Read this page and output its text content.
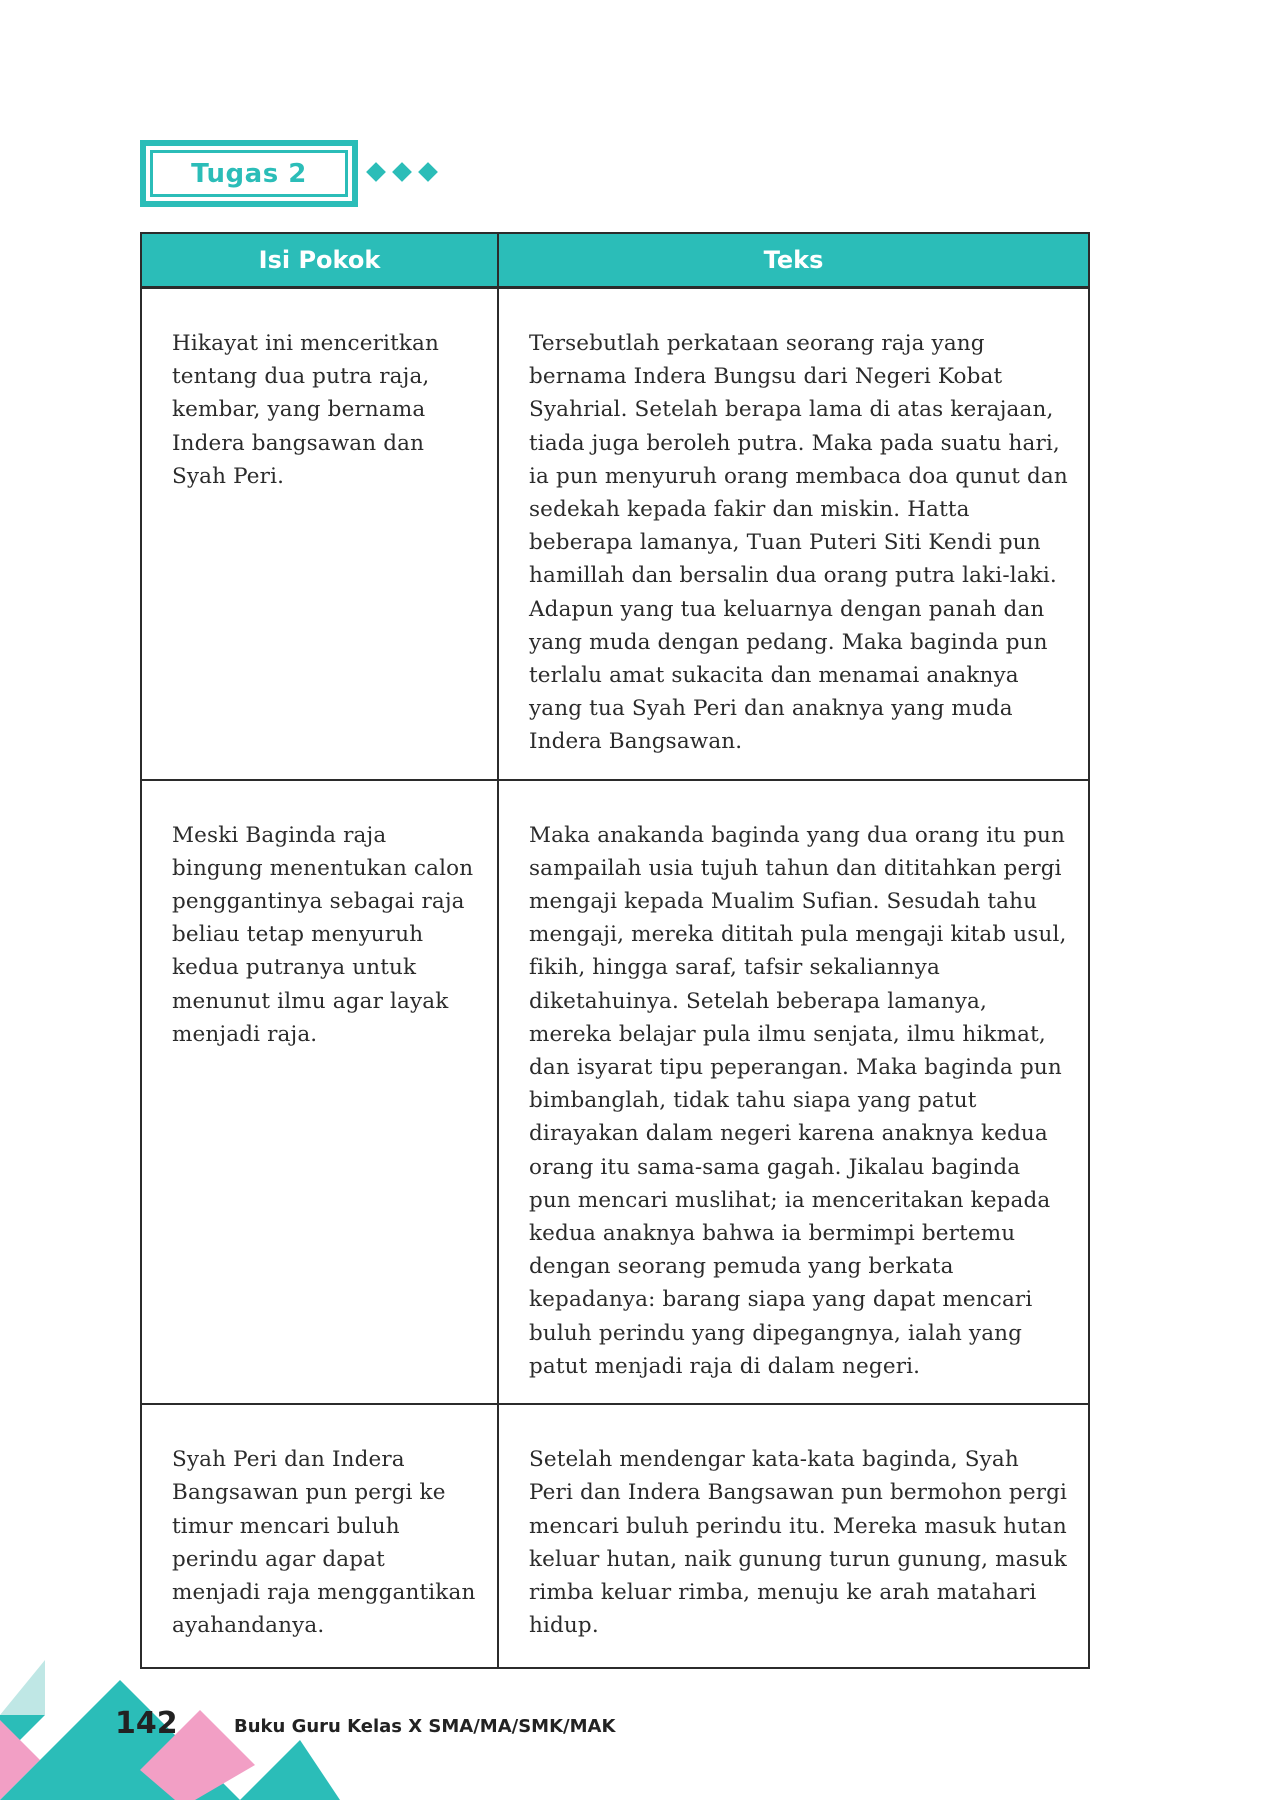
Tugas 2
Isi Pokok	Teks
Hikayat ini menceritkan tentang dua putra raja, kembar, yang bernama Indera bangsawan dan Syah Peri.	Tersebutlah perkataan seorang raja yang bernama Indera Bungsu dari Negeri Kobat Syahrial. Setelah berapa lama di atas kerajaan, tiada juga beroleh putra. Maka pada suatu hari, ia pun menyuruh orang membaca doa qunut dan sedekah kepada fakir dan miskin. Hatta beberapa lamanya, Tuan Puteri Siti Kendi pun hamillah dan bersalin dua orang putra laki-laki. Adapun yang tua keluarnya dengan panah dan yang muda dengan pedang. Maka baginda pun terlalu amat sukacita dan menamai anaknya yang tua Syah Peri dan anaknya yang muda Indera Bangsawan.
Meski Baginda raja bingung menentukan calon penggantinya sebagai raja beliau tetap menyuruh kedua putranya untuk menunut ilmu agar layak menjadi raja.	Maka anakanda baginda yang dua orang itu pun sampailah usia tujuh tahun dan dititahkan pergi mengaji kepada Mualim Sufian. Sesudah tahu mengaji, mereka dititah pula mengaji kitab usul, fikih, hingga saraf, tafsir sekaliannya diketahuinya. Setelah beberapa lamanya, mereka belajar pula ilmu senjata, ilmu hikmat, dan isyarat tipu peperangan. Maka baginda pun bimbanglah, tidak tahu siapa yang patut dirayakan dalam negeri karena anaknya kedua orang itu sama-sama gagah. Jikalau baginda pun mencari muslihat; ia menceritakan kepada kedua anaknya bahwa ia bermimpi bertemu dengan seorang pemuda yang berkata kepadanya: barang siapa yang dapat mencari buluh perindu yang dipegangnya, ialah yang patut menjadi raja di dalam negeri.
Syah Peri dan Indera Bangsawan pun pergi ke timur mencari buluh perindu agar dapat menjadi raja menggantikan ayahandanya.	Setelah mendengar kata-kata baginda, Syah Peri dan Indera Bangsawan pun bermohon pergi mencari buluh perindu itu. Mereka masuk hutan keluar hutan, naik gunung turun gunung, masuk rimba keluar rimba, menuju ke arah matahari hidup.
142	Buku Guru Kelas X SMA/MA/SMK/MAK
